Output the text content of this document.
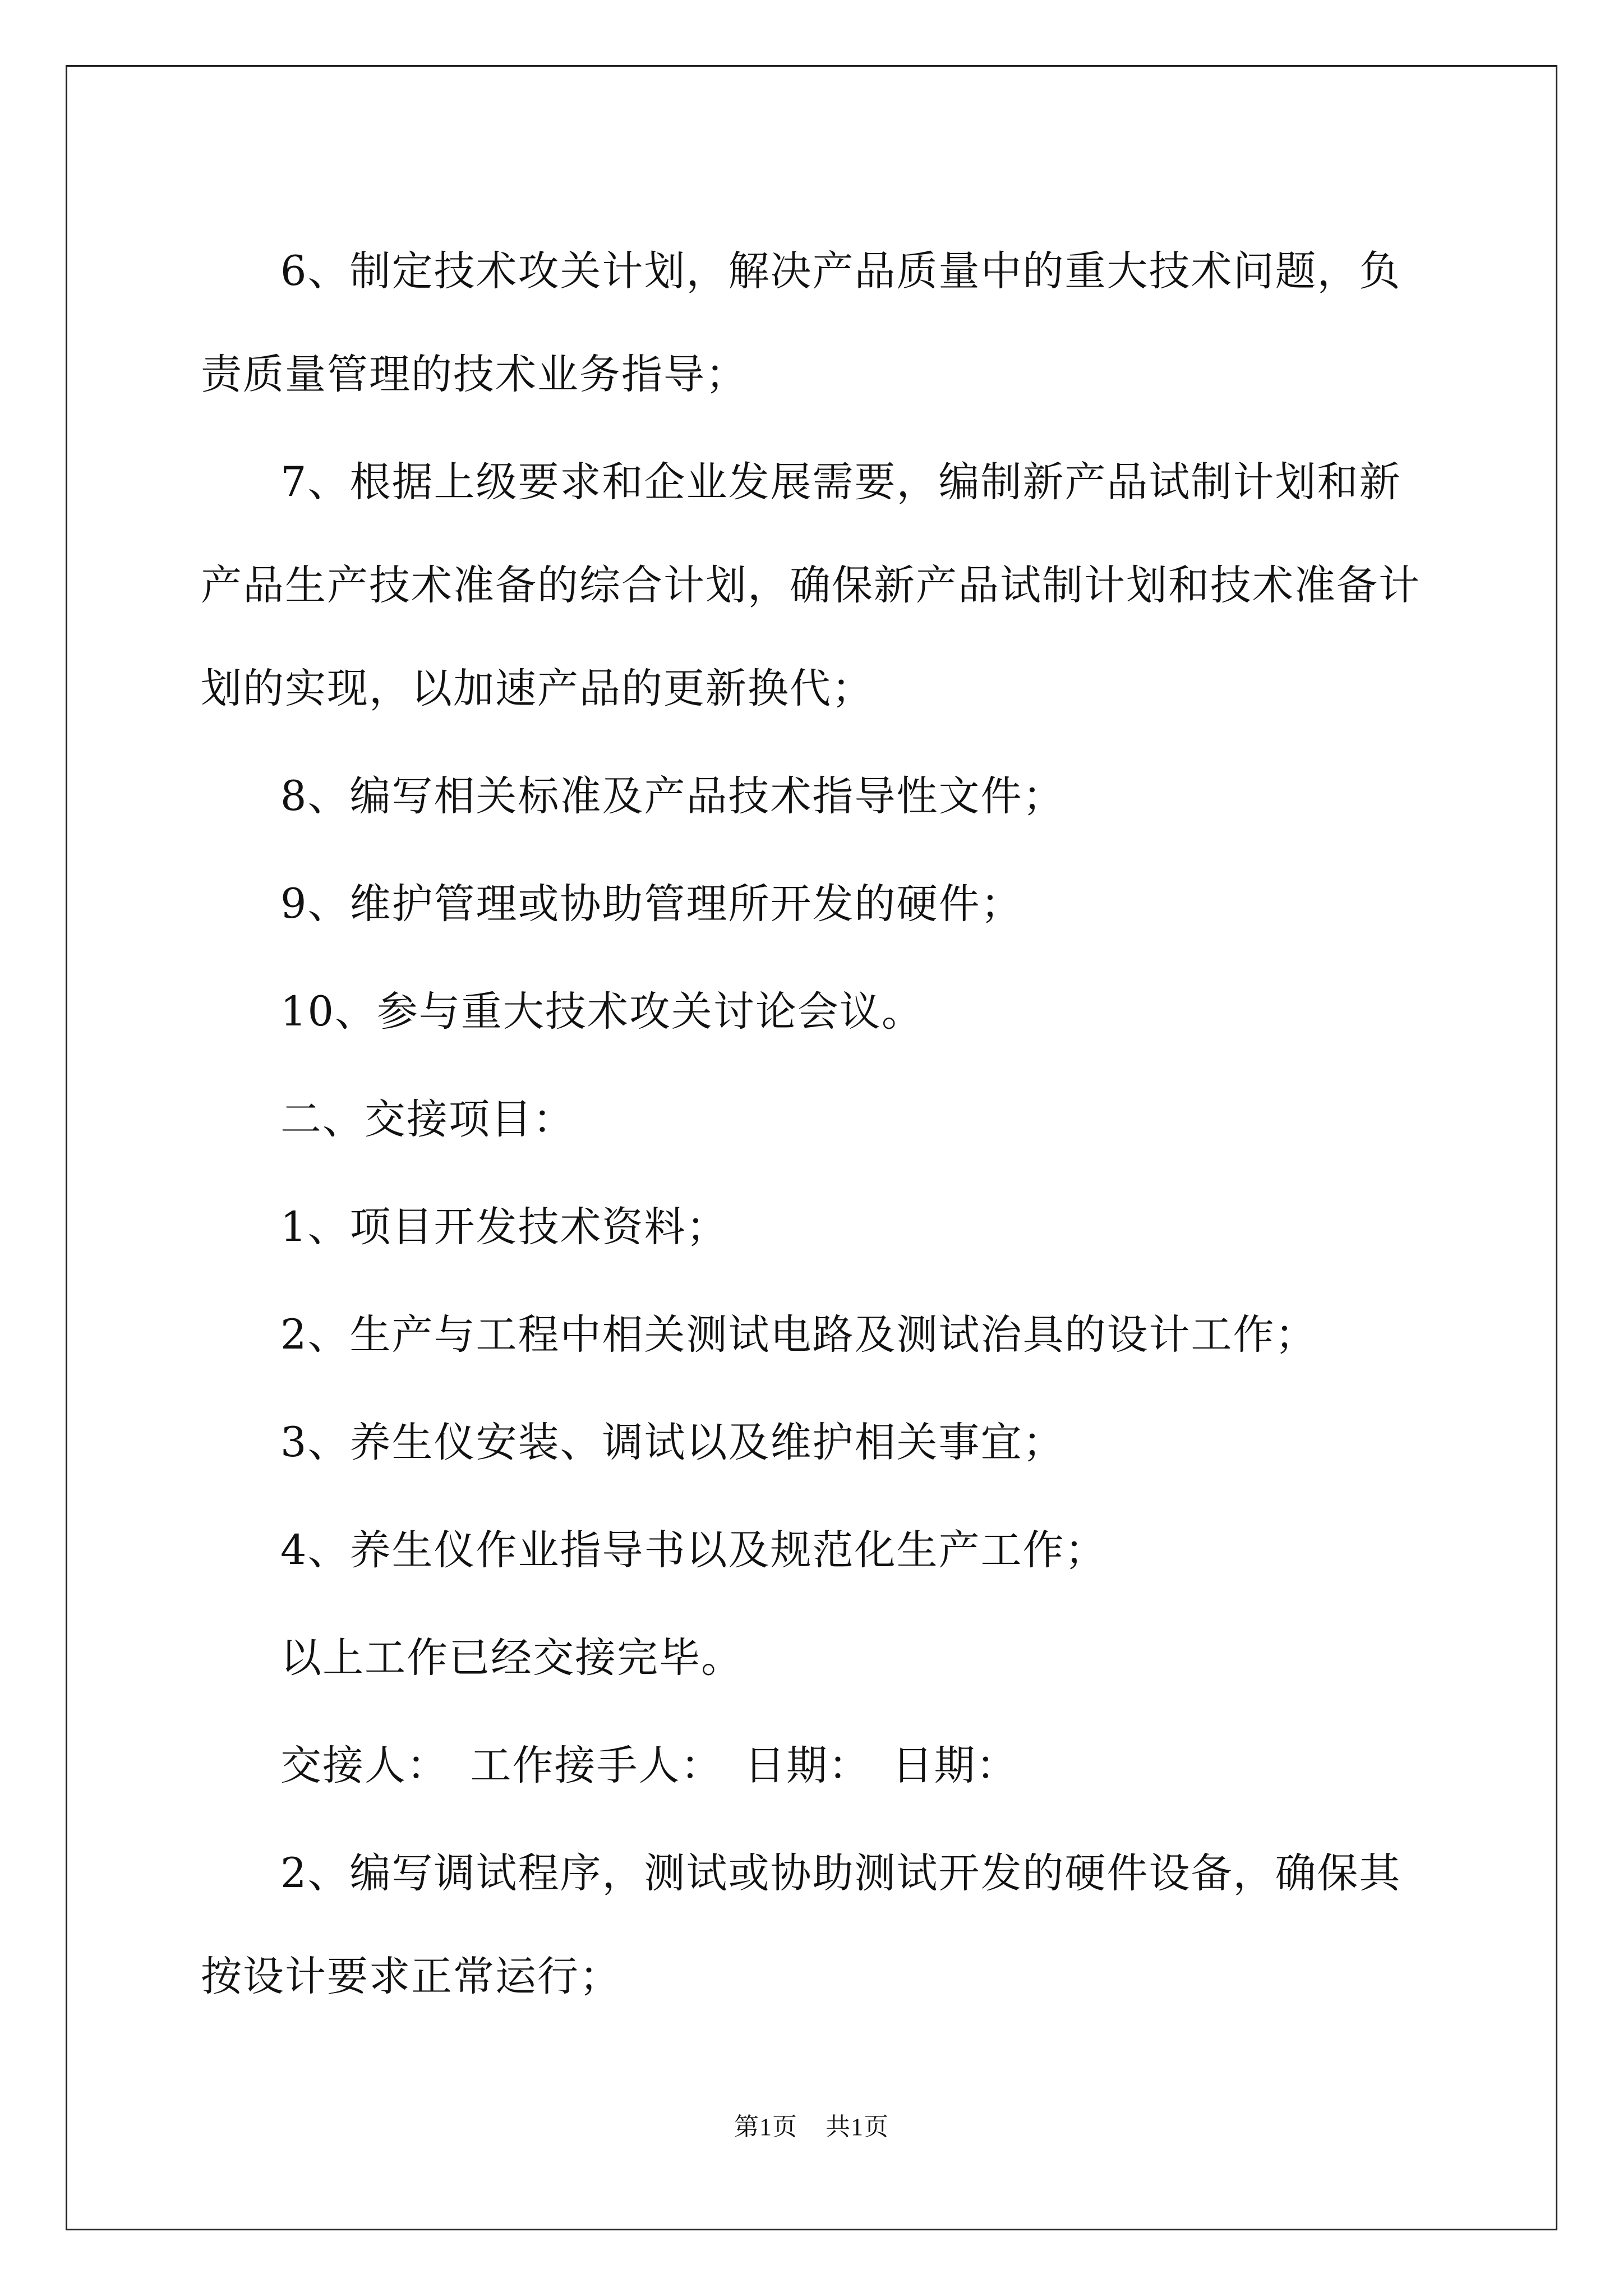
6、制定技术攻关计划，解决产品质量中的重大技术问题，负责质量管理的技术业务指导；

7、根据上级要求和企业发展需要，编制新产品试制计划和新产品生产技术准备的综合计划，确保新产品试制计划和技术准备计划的实现，以加速产品的更新换代；

8、编写相关标准及产品技术指导性文件；

9、维护管理或协助管理所开发的硬件；

10、参与重大技术攻关讨论会议。

二、交接项目：

1、项目开发技术资料；

2、生产与工程中相关测试电路及测试治具的设计工作；

3、养生仪安装、调试以及维护相关事宜；

4、养生仪作业指导书以及规范化生产工作；

以上工作已经交接完毕。

交接人：　工作接手人：　日期：　日期：

2、编写调试程序，测试或协助测试开发的硬件设备，确保其按设计要求正常运行；

第1页 共1页
